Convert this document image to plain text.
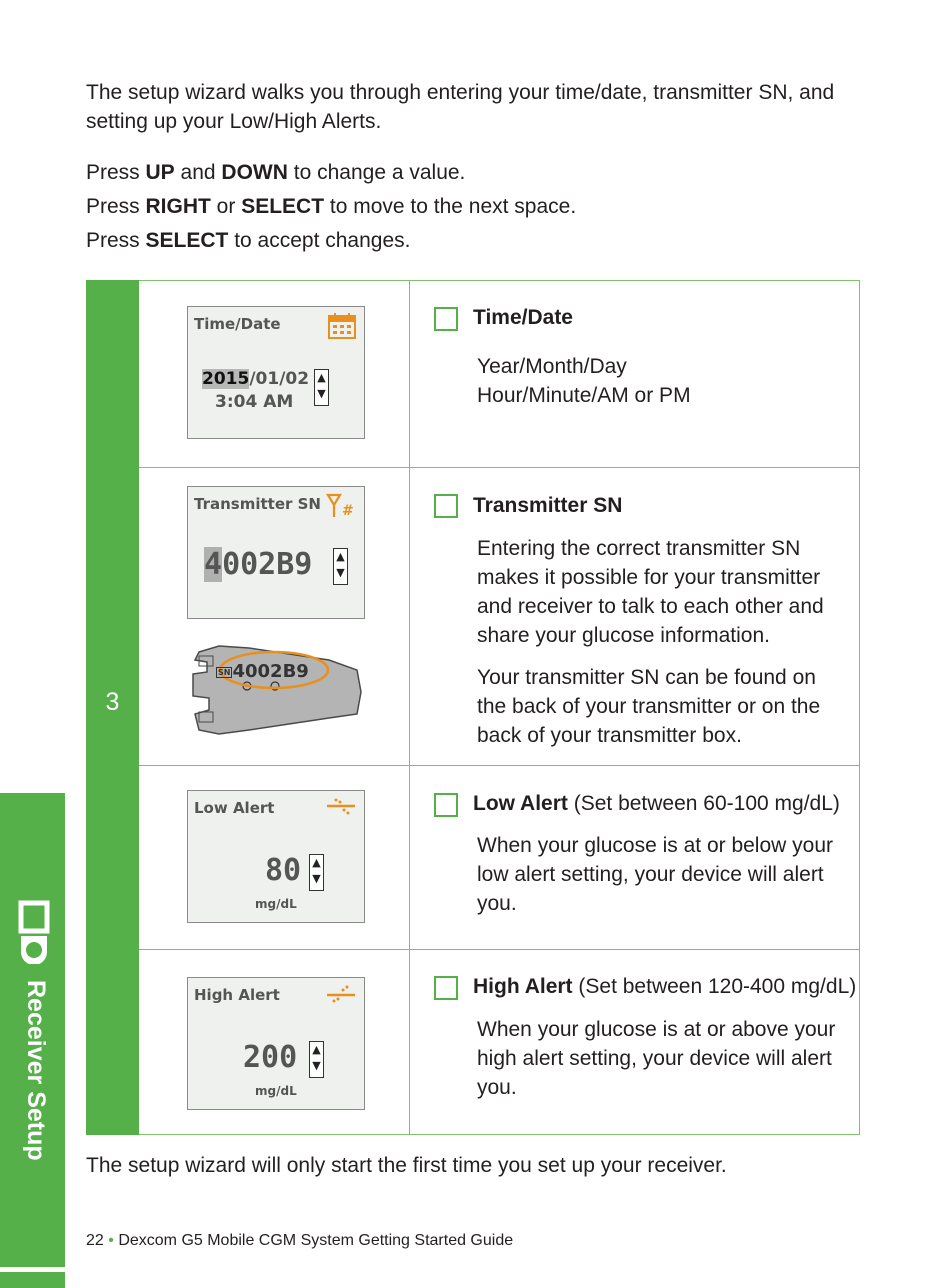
The setup wizard walks you through entering your time/date, transmitter SN, and setting up your Low/High Alerts.

Press UP and DOWN to change a value.

Press RIGHT or SELECT to move to the next space.

Press SELECT to accept changes.

3
Time/Date
2015/01/02
3:04 AM
▲
▼
Time/Date
Year/Month/Day
Hour/Minute/AM or PM
Transmitter SN #
4002B9 ▲
▼
SN 4002B9
Transmitter SN

Entering the correct transmitter SN makes it possible for your transmitter and receiver to talk to each other and share your glucose information.

Your transmitter SN can be found on the back of your transmitter or on the back of your transmitter box.

Low Alert
80 ▲
▼
mg/dL
Low Alert (Set between 60-100 mg/dL)

When your glucose is at or below your low alert setting, your device will alert you.

High Alert
200 ▲
▼
mg/dL
High Alert (Set between 120-400 mg/dL)

When your glucose is at or above your high alert setting, your device will alert you.

The setup wizard will only start the first time you set up your receiver.
22 • Dexcom G5 Mobile CGM System Getting Started Guide
Receiver Setup
